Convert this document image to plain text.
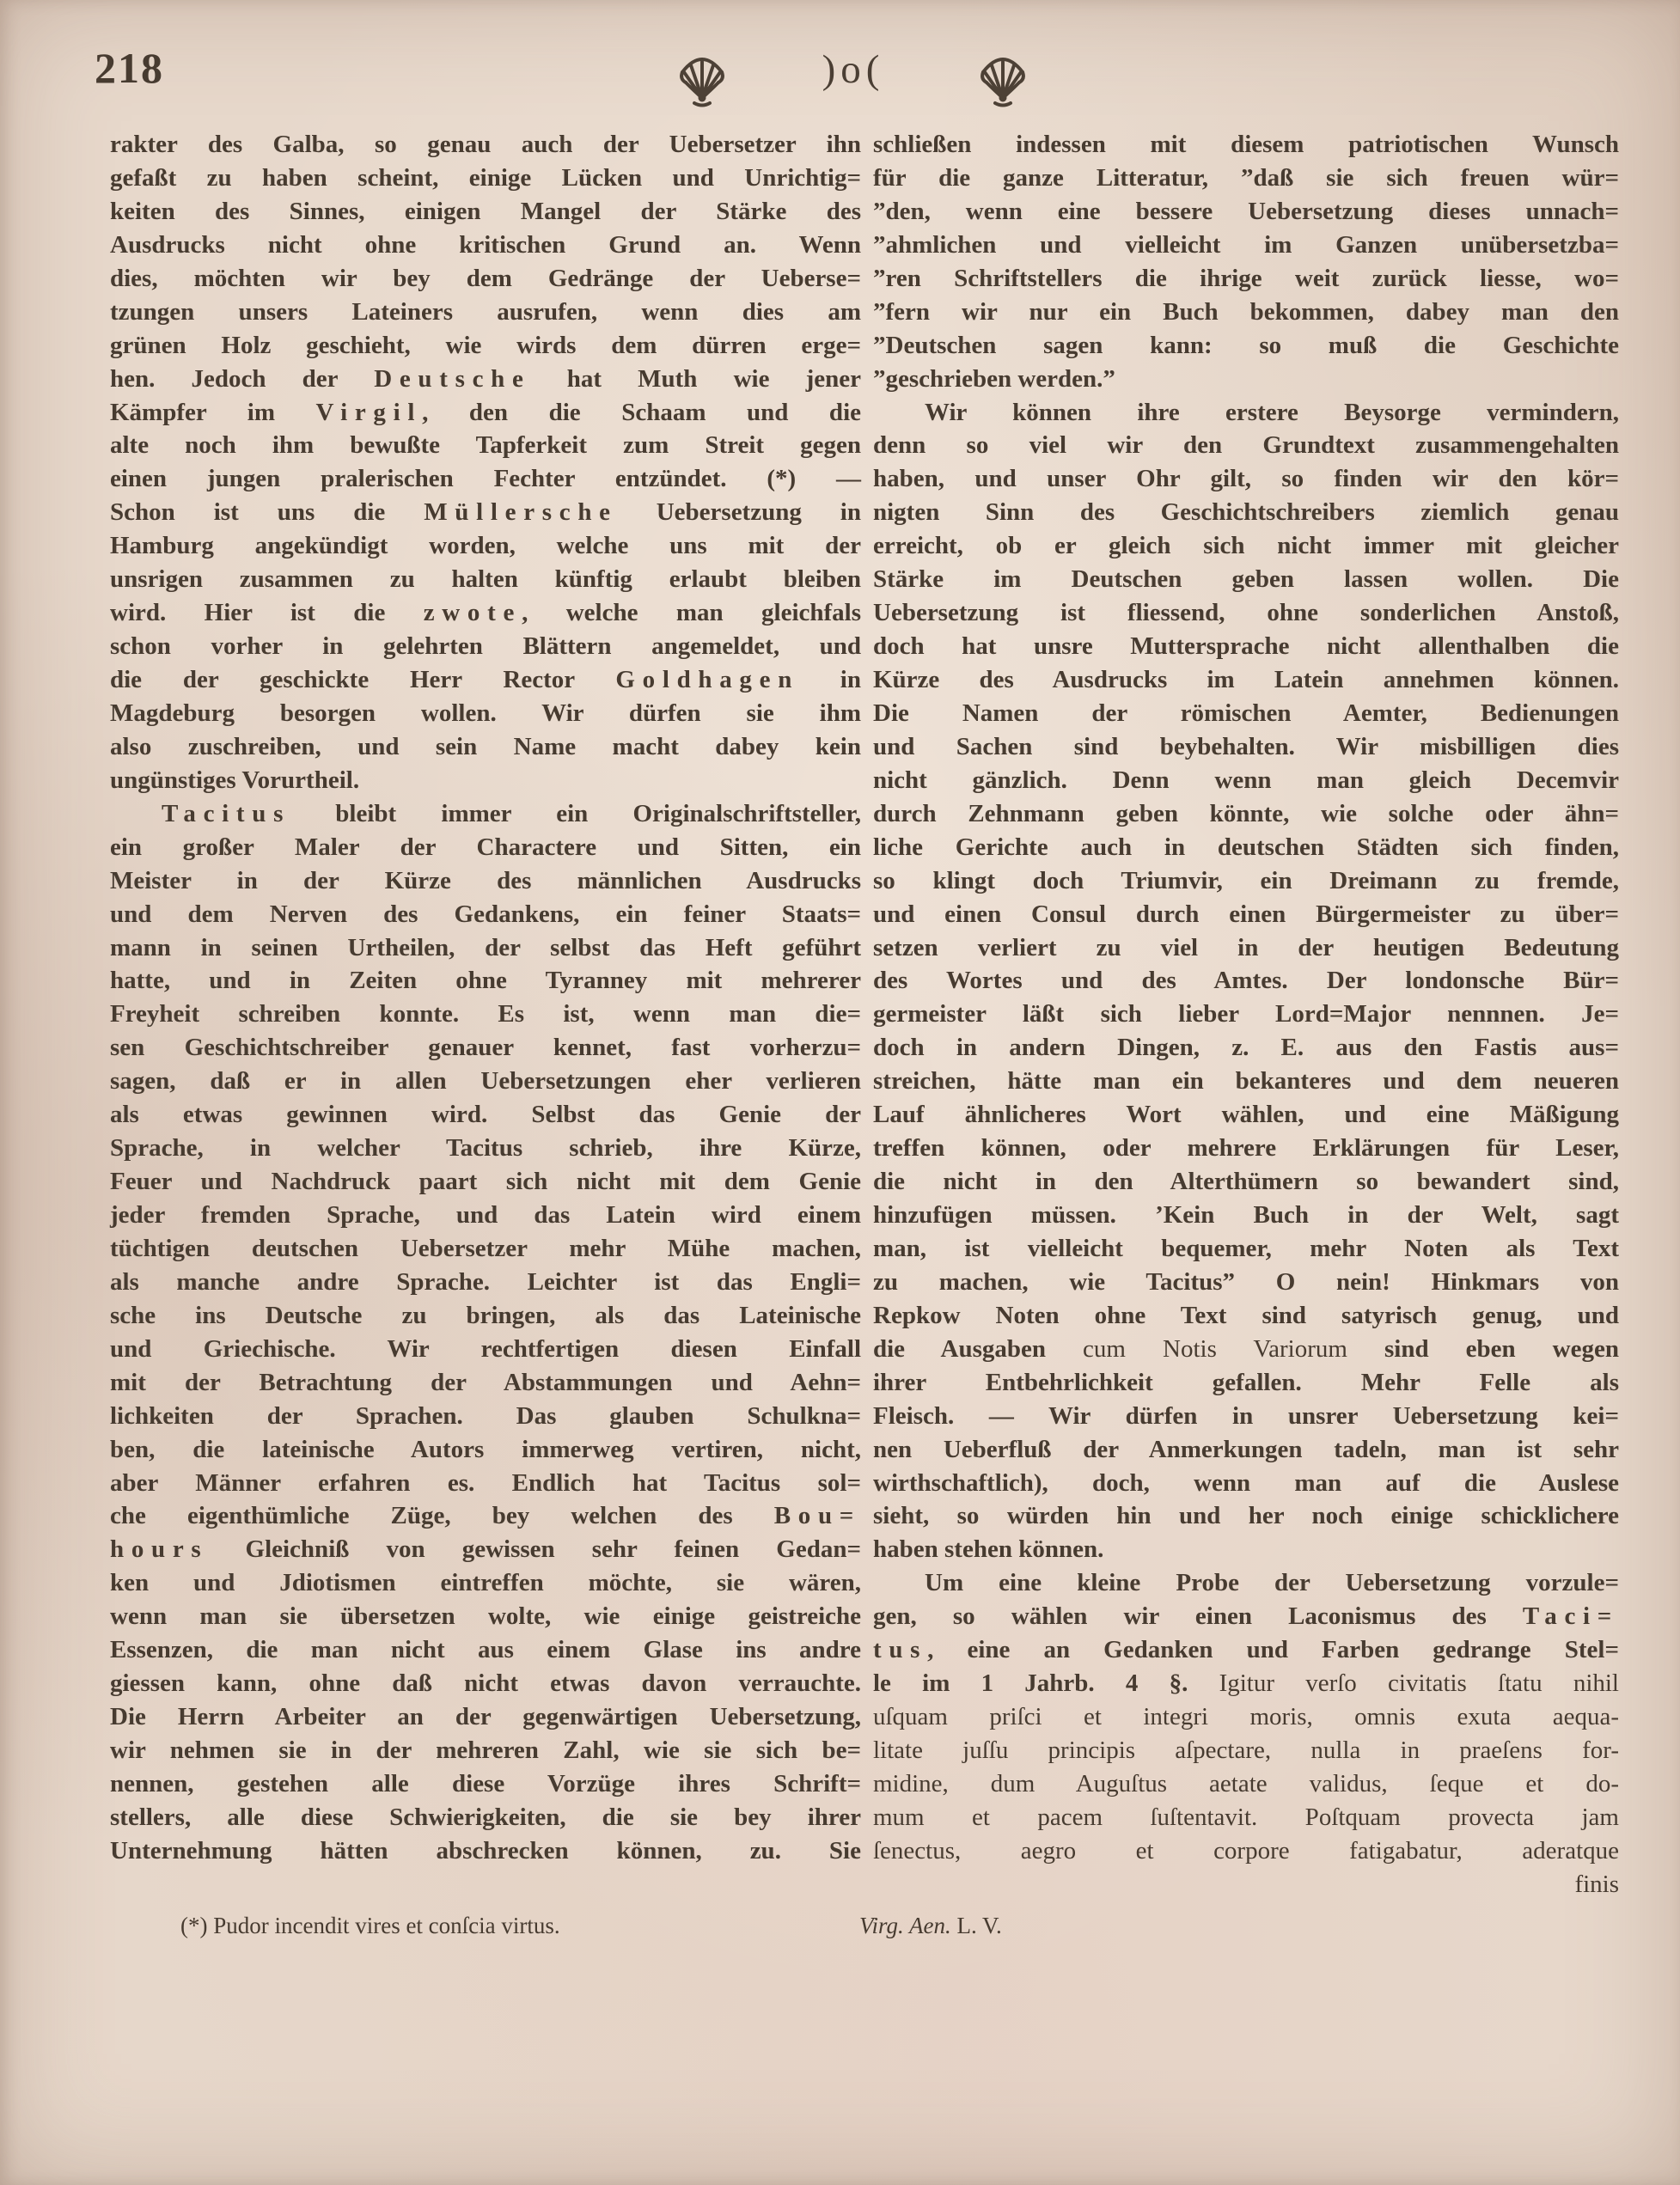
218	)o(
rakter des Galba, so genau auch der Uebersetzer ihn
gefaßt zu haben scheint, einige Lücken und Unrichtig=
keiten des Sinnes, einigen Mangel der Stärke des
Ausdrucks nicht ohne kritischen Grund an. Wenn
dies, möchten wir bey dem Gedränge der Ueberse=
tzungen unsers Lateiners ausrufen, wenn dies am
grünen Holz geschieht, wie wirds dem dürren erge=
hen. Jedoch der Deutsche hat Muth wie jener
Kämpfer im Virgil, den die Schaam und die
alte noch ihm bewußte Tapferkeit zum Streit gegen
einen jungen pralerischen Fechter entzündet. (*) —
Schon ist uns die Müllersche Uebersetzung in
Hamburg angekündigt worden, welche uns mit der
unsrigen zusammen zu halten künftig erlaubt bleiben
wird. Hier ist die zwote, welche man gleichfals
schon vorher in gelehrten Blättern angemeldet, und
die der geschickte Herr Rector Goldhagen in
Magdeburg besorgen wollen. Wir dürfen sie ihm
also zuschreiben, und sein Name macht dabey kein
ungünstiges Vorurtheil.
Tacitus bleibt immer ein Originalschriftsteller,
ein großer Maler der Charactere und Sitten, ein
Meister in der Kürze des männlichen Ausdrucks
und dem Nerven des Gedankens, ein feiner Staats=
mann in seinen Urtheilen, der selbst das Heft geführt
hatte, und in Zeiten ohne Tyranney mit mehrerer
Freyheit schreiben konnte. Es ist, wenn man die=
sen Geschichtschreiber genauer kennet, fast vorherzu=
sagen, daß er in allen Uebersetzungen eher verlieren
als etwas gewinnen wird. Selbst das Genie der
Sprache, in welcher Tacitus schrieb, ihre Kürze,
Feuer und Nachdruck paart sich nicht mit dem Genie
jeder fremden Sprache, und das Latein wird einem
tüchtigen deutschen Uebersetzer mehr Mühe machen,
als manche andre Sprache. Leichter ist das Engli=
sche ins Deutsche zu bringen, als das Lateinische
und Griechische. Wir rechtfertigen diesen Einfall
mit der Betrachtung der Abstammungen und Aehn=
lichkeiten der Sprachen. Das glauben Schulkna=
ben, die lateinische Autors immerweg vertiren, nicht,
aber Männer erfahren es. Endlich hat Tacitus sol=
che eigenthümliche Züge, bey welchen des Bou=
hours Gleichniß von gewissen sehr feinen Gedan=
ken und Jdiotismen eintreffen möchte, sie wären,
wenn man sie übersetzen wolte, wie einige geistreiche
Essenzen, die man nicht aus einem Glase ins andre
giessen kann, ohne daß nicht etwas davon verrauchte.
Die Herrn Arbeiter an der gegenwärtigen Uebersetzung,
wir nehmen sie in der mehreren Zahl, wie sie sich be=
nennen, gestehen alle diese Vorzüge ihres Schrift=
stellers, alle diese Schwierigkeiten, die sie bey ihrer
Unternehmung hätten abschrecken können, zu. Sie
schließen indessen mit diesem patriotischen Wunsch
für die ganze Litteratur, ”daß sie sich freuen wür=
”den, wenn eine bessere Uebersetzung dieses unnach=
”ahmlichen und vielleicht im Ganzen unübersetzba=
”ren Schriftstellers die ihrige weit zurück liesse, wo=
”fern wir nur ein Buch bekommen, dabey man den
”Deutschen sagen kann: so muß die Geschichte
”geschrieben werden.”
Wir können ihre erstere Beysorge vermindern,
denn so viel wir den Grundtext zusammengehalten
haben, und unser Ohr gilt, so finden wir den kör=
nigten Sinn des Geschichtschreibers ziemlich genau
erreicht, ob er gleich sich nicht immer mit gleicher
Stärke im Deutschen geben lassen wollen. Die
Uebersetzung ist fliessend, ohne sonderlichen Anstoß,
doch hat unsre Muttersprache nicht allenthalben die
Kürze des Ausdrucks im Latein annehmen können.
Die Namen der römischen Aemter, Bedienungen
und Sachen sind beybehalten. Wir misbilligen dies
nicht gänzlich. Denn wenn man gleich Decemvir
durch Zehnmann geben könnte, wie solche oder ähn=
liche Gerichte auch in deutschen Städten sich finden,
so klingt doch Triumvir, ein Dreimann zu fremde,
und einen Consul durch einen Bürgermeister zu über=
setzen verliert zu viel in der heutigen Bedeutung
des Wortes und des Amtes. Der londonsche Bür=
germeister läßt sich lieber Lord=Major nennnen. Je=
doch in andern Dingen, z. E. aus den Fastis aus=
streichen, hätte man ein bekanteres und dem neueren
Lauf ähnlicheres Wort wählen, und eine Mäßigung
treffen können, oder mehrere Erklärungen für Leser,
die nicht in den Alterthümern so bewandert sind,
hinzufügen müssen. ’Kein Buch in der Welt, sagt
man, ist vielleicht bequemer, mehr Noten als Text
zu machen, wie Tacitus” O nein! Hinkmars von
Repkow Noten ohne Text sind satyrisch genug, und
die Ausgaben cum Notis Variorum sind eben wegen
ihrer Entbehrlichkeit gefallen. Mehr Felle als
Fleisch. — Wir dürfen in unsrer Uebersetzung kei=
nen Ueberfluß der Anmerkungen tadeln, man ist sehr
wirthschaftlich), doch, wenn man auf die Auslese
sieht, so würden hin und her noch einige schicklichere
haben stehen können.
Um eine kleine Probe der Uebersetzung vorzule=
gen, so wählen wir einen Laconismus des Taci=
tus, eine an Gedanken und Farben gedrange Stel=
le im 1 Jahrb. 4 §. Igitur verſo civitatis ſtatu nihil
uſquam priſci et integri moris, omnis exuta aequa-
litate juſſu principis aſpectare, nulla in praeſens for-
midine, dum Auguſtus aetate validus, ſeque et do-
mum et pacem ſuſtentavit. Poſtquam provecta jam
ſenectus, aegro et corpore fatigabatur, aderatque
finis
(*) Pudor incendit vires et conſcia virtus.	Virg. Aen. L. V.
